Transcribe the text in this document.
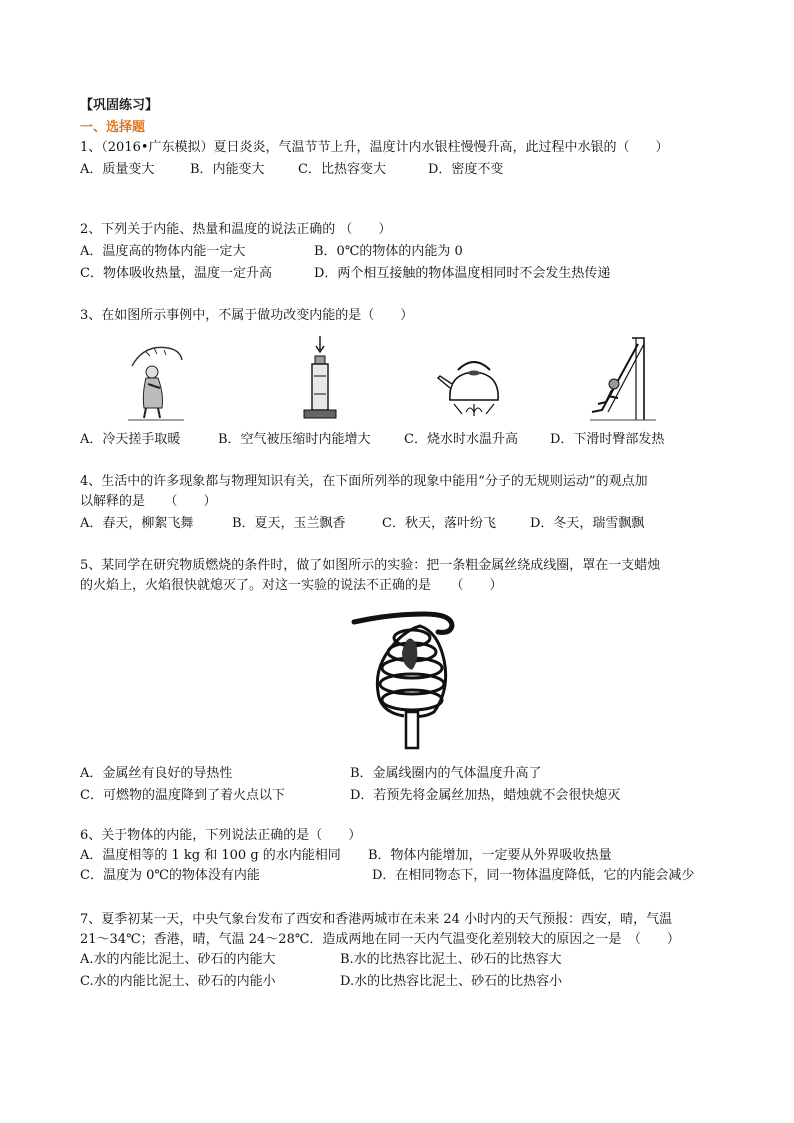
【巩固练习】

一、选择题

1、（2016•广东模拟）夏日炎炎，气温节节上升，温度计内水银柱慢慢升高，此过程中水银的（　　）

A．质量变大	B．内能变大	C．比热容变大	D．密度不变

2、下列关于内能、热量和温度的说法正确的 （　　）

A．温度高的物体内能一定大	B．0℃的物体的内能为 0

C．物体吸收热量，温度一定升高	D．两个相互接触的物体温度相同时不会发生热传递

3、在如图所示事例中，不属于做功改变内能的是（　　）

A．冷天搓手取暖	B．空气被压缩时内能增大	C．烧水时水温升高 D．下滑时臀部发热

4、生活中的许多现象都与物理知识有关，在下面所列举的现象中能用“分子的无规则运动”的观点加

以解释的是　　（　　）

A．春天，柳絮飞舞	B．夏天，玉兰飘香	C．秋天，落叶纷飞	D．冬天，瑞雪飘飘

5、某同学在研究物质燃烧的条件时，做了如图所示的实验：把一条粗金属丝绕成线圈，罩在一支蜡烛

的火焰上，火焰很快就熄灭了。对这一实验的说法不正确的是　　（　　）

A．金属丝有良好的导热性	B．金属线圈内的气体温度升高了

C．可燃物的温度降到了着火点以下	D．若预先将金属丝加热，蜡烛就不会很快熄灭

6、关于物体的内能，下列说法正确的是（　　）

A．温度相等的 1 kg 和 100 g 的水内能相同 B．物体内能增加，一定要从外界吸收热量

C．温度为 0℃的物体没有内能	D．在相同物态下，同一物体温度降低，它的内能会减少

7、夏季初某一天，中央气象台发布了西安和香港两城市在未来 24 小时内的天气预报：西安，晴，气温

21～34℃；香港，晴，气温 24～28℃．造成两地在同一天内气温变化差别较大的原因之一是　（　　）

A.水的内能比泥土、砂石的内能大	B.水的比热容比泥土、砂石的比热容大

C.水的内能比泥土、砂石的内能小	D.水的比热容比泥土、砂石的比热容小
